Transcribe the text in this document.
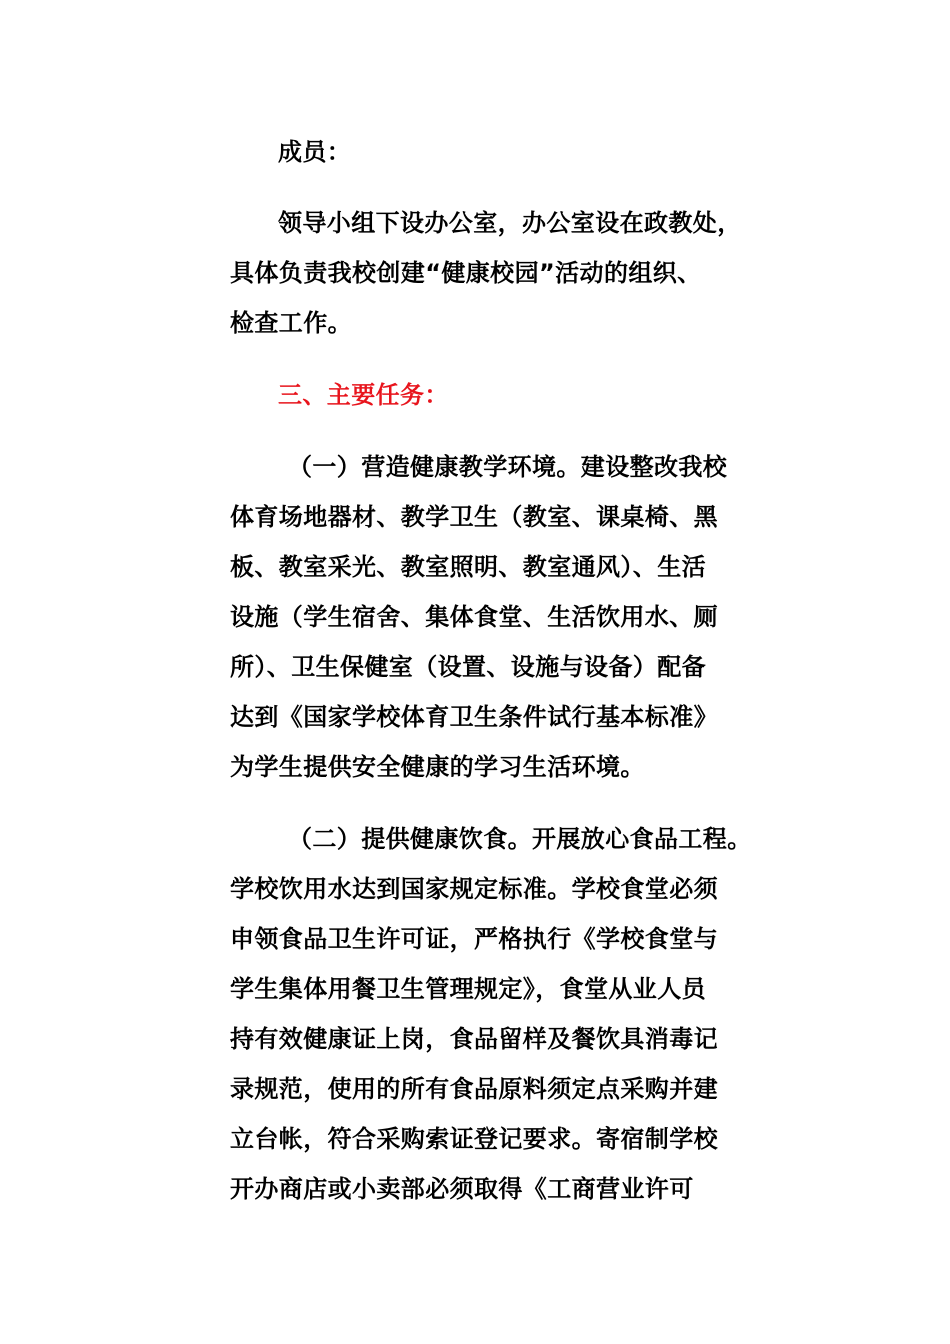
成员：
领导小组下设办公室，办公室设在政教处，
具体负责我校创建“健康校园”活动的组织、
检查工作。
三、主要任务：
（一）营造健康教学环境。建设整改我校
体育场地器材、教学卫生（教室、课桌椅、黑
板、教室采光、教室照明、教室通风）、生活
设施（学生宿舍、集体食堂、生活饮用水、厕
所）、卫生保健室（设置、设施与设备）配备
达到《国家学校体育卫生条件试行基本标准》
为学生提供安全健康的学习生活环境。
（二）提供健康饮食。开展放心食品工程。
学校饮用水达到国家规定标准。学校食堂必须
申领食品卫生许可证，严格执行《学校食堂与
学生集体用餐卫生管理规定》，食堂从业人员
持有效健康证上岗，食品留样及餐饮具消毒记
录规范，使用的所有食品原料须定点采购并建
立台帐，符合采购索证登记要求。寄宿制学校
开办商店或小卖部必须取得《工商营业许可
